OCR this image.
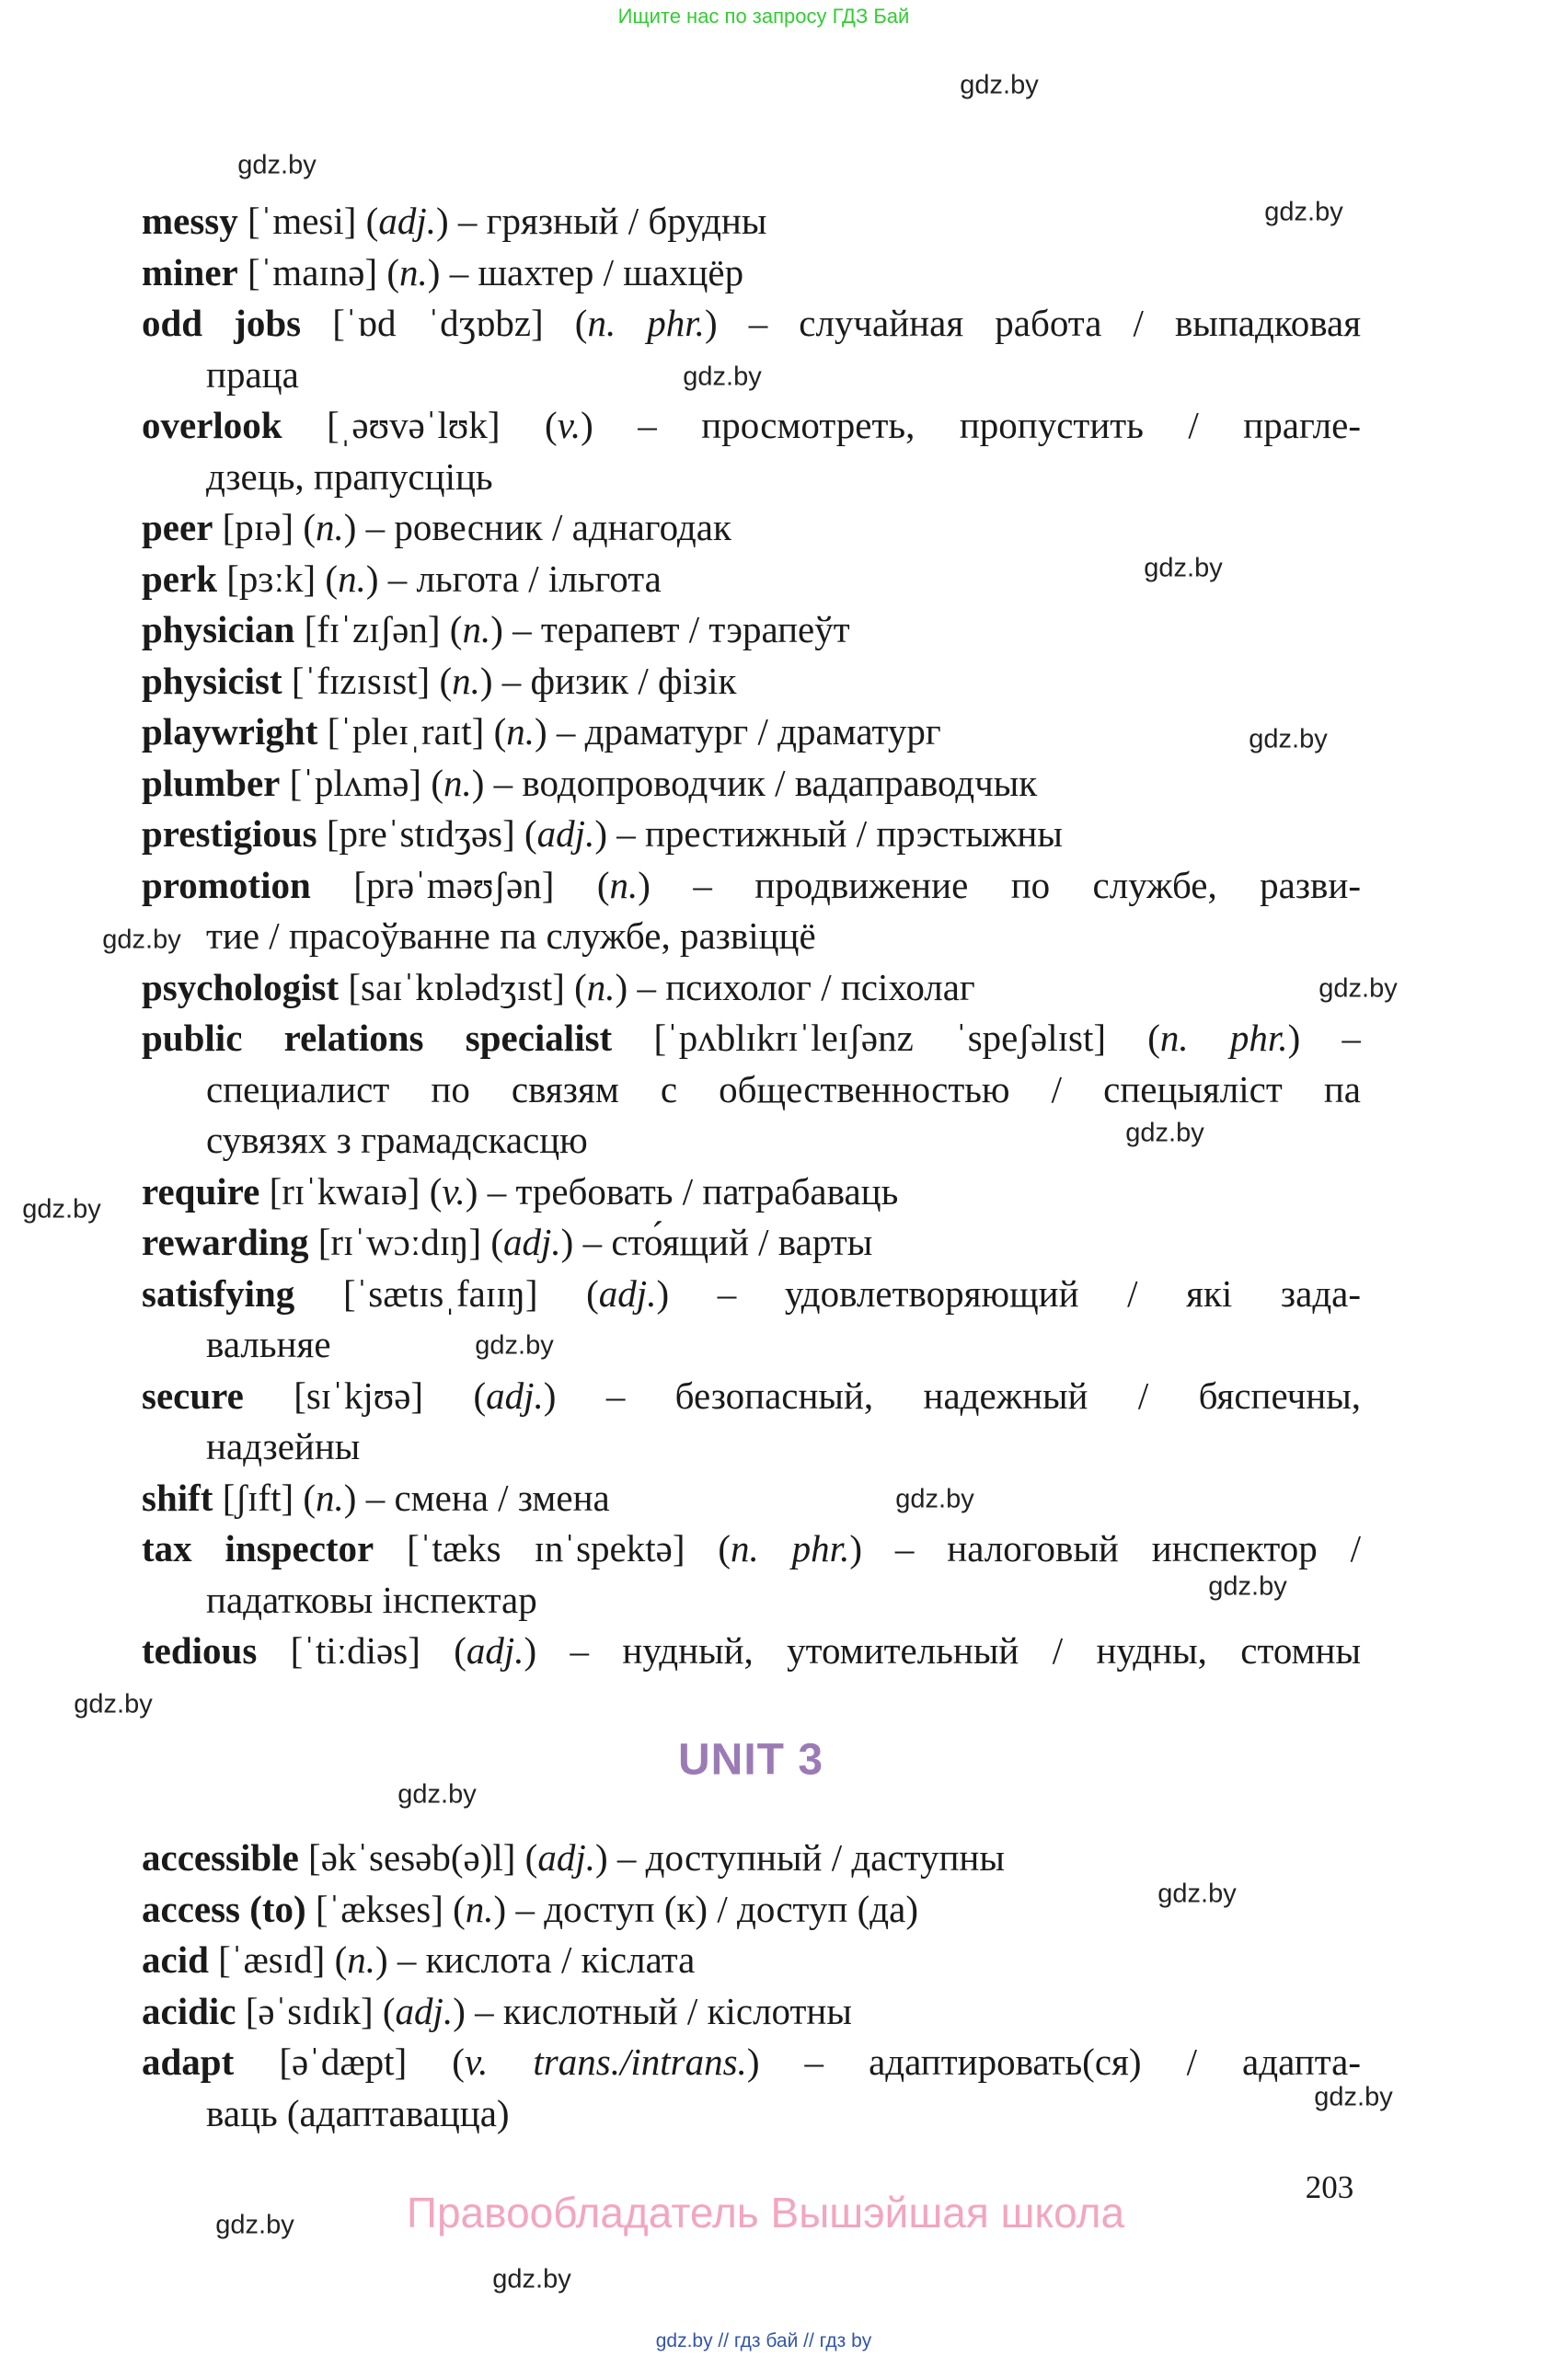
Ищите нас по запросу ГДЗ Бай
gdz.by
gdz.by
gdz.by
gdz.by
gdz.by
gdz.by
gdz.by
gdz.by
gdz.by
gdz.by
gdz.by
gdz.by
gdz.by
gdz.by
gdz.by
gdz.by
gdz.by
gdz.by
gdz.by
messy [ˈmesi] ( adj. ) – грязный / брудны
miner [ˈmaɪnə] ( n. ) – шахтер / шахцёр
odd jobs [ˈɒd ˈdʒɒbz] ( n. phr. ) – случайная работа / выпадковая
праца
overlook [ˌəʊvəˈlʊk] ( v. ) – просмотреть, пропустить / прагле-
дзець, прапусціць
peer [pɪə] ( n. ) – ровесник / аднагодак
perk [pɜːk] ( n. ) – льгота / ільгота
physician [fɪˈzɪʃən] ( n. ) – терапевт / тэрапеўт
physicist [ˈfɪzɪsɪst] ( n. ) – физик / фізік
playwright [ˈpleɪˌraɪt] ( n. ) – драматург / драматург
plumber [ˈplʌmə] ( n. ) – водопроводчик / вадаправодчык
prestigious [preˈstɪdʒəs] ( adj. ) – престижный / прэстыжны
promotion [prəˈməʊʃən] ( n. ) – продвижение по службе, разви-
тие / прасоўванне па службе, развіццё
psychologist [saɪˈkɒlədʒɪst] ( n. ) – психолог / псіхолаг
public relations specialist [ˈpʌblɪkrɪˈleɪʃənz ˈspeʃəlɪst] ( n. phr. ) –
специалист по связям с общественностью / спецыяліст па
сувязях з грамадскасцю
require [rɪˈkwaɪə] ( v. ) – требовать / патрабаваць
rewarding [rɪˈwɔːdɪŋ] ( adj. ) – сто́ящий / варты
satisfying [ˈsætɪsˌfaɪɪŋ] ( adj. ) – удовлетворяющий / які зада-
вальняе
secure [sɪˈkjʊə] ( adj. ) – безопасный, надежный / бяспечны,
надзейны
shift [ʃɪft] ( n. ) – смена / змена
tax inspector [ˈtæks ɪnˈspektə] ( n. phr. ) – налоговый инспектор /
падатковы інспектар
tedious [ˈtiːdiəs] ( adj. ) – нудный, утомительный / нудны, стомны
UNIT 3
accessible [əkˈsesəb(ə)l] ( adj. ) – доступный / даступны
access (to) [ˈækses] ( n. ) – доступ (к) / доступ (да)
acid [ˈæsɪd] ( n. ) – кислота / кіслата
acidic [əˈsɪdɪk] ( adj. ) – кислотный / кіслотны
adapt [əˈdæpt] ( v. trans./intrans. ) – адаптировать(ся) / адапта-
ваць (адаптавацца)
203
Правообладатель Вышэйшая школа
gdz.by // гдз бай // гдз by
